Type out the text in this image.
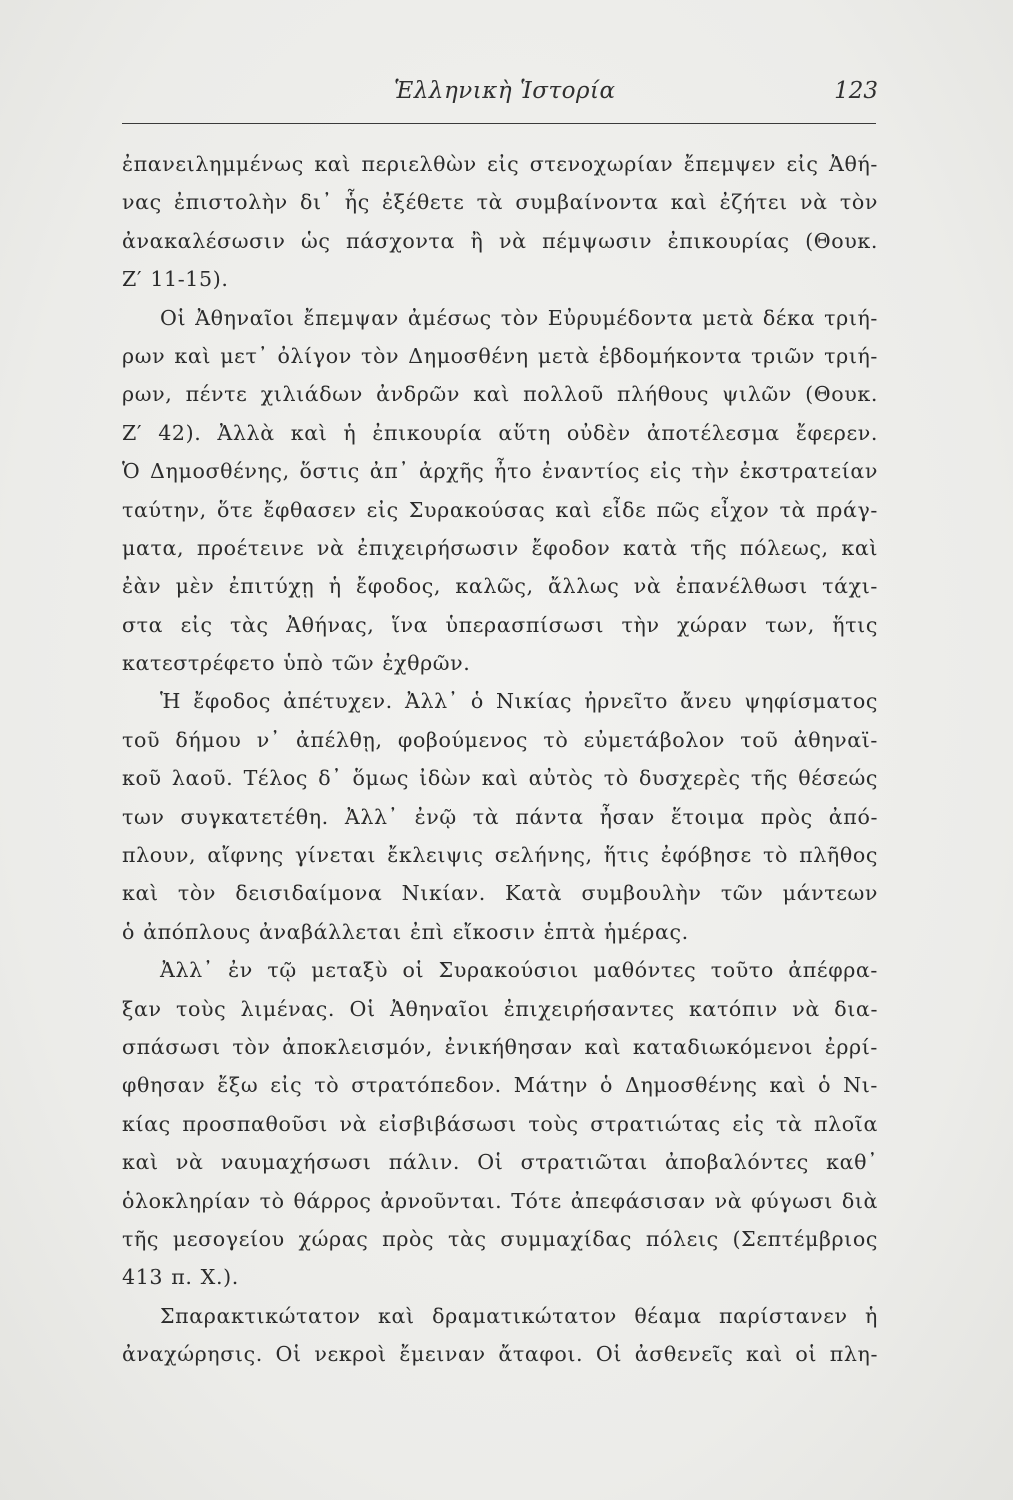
Ἑλληνικὴ Ἱστορία	123
ἐπανειλημμένως καὶ περιελθὼν εἰς στενοχωρίαν ἔπεμψεν εἰς Ἀθή-
νας ἐπιστολὴν δι᾽ ἧς ἐξέθετε τὰ συμβαίνοντα καὶ ἐζήτει νὰ τὸν
ἀνακαλέσωσιν ὡς πάσχοντα ἢ νὰ πέμψωσιν ἐπικουρίας (Θουκ.
Ζ′ 11-15).
Οἱ Ἀθηναῖοι ἔπεμψαν ἀμέσως τὸν Εὐρυμέδοντα μετὰ δέκα τριή-
ρων καὶ μετ᾽ ὀλίγον τὸν Δημοσθένη μετὰ ἑβδομήκοντα τριῶν τριή-
ρων, πέντε χιλιάδων ἀνδρῶν καὶ πολλοῦ πλήθους ψιλῶν (Θουκ.
Ζ′ 42). Ἀλλὰ καὶ ἡ ἐπικουρία αὕτη οὐδὲν ἀποτέλεσμα ἔφερεν.
Ὁ Δημοσθένης, ὅστις ἀπ᾽ ἀρχῆς ἦτο ἐναντίος εἰς τὴν ἐκστρατείαν
ταύτην, ὅτε ἔφθασεν εἰς Συρακούσας καὶ εἶδε πῶς εἶχον τὰ πράγ-
ματα, προέτεινε νὰ ἐπιχειρήσωσιν ἔφοδον κατὰ τῆς πόλεως, καὶ
ἐὰν μὲν ἐπιτύχῃ ἡ ἔφοδος, καλῶς, ἄλλως νὰ ἐπανέλθωσι τάχι-
στα εἰς τὰς Ἀθήνας, ἵνα ὑπερασπίσωσι τὴν χώραν των, ἥτις
κατεστρέφετο ὑπὸ τῶν ἐχθρῶν.
Ἡ ἔφοδος ἀπέτυχεν. Ἀλλ᾽ ὁ Νικίας ἠρνεῖτο ἄνευ ψηφίσματος
τοῦ δήμου ν᾽ ἀπέλθῃ, φοβούμενος τὸ εὐμετάβολον τοῦ ἀθηναϊ-
κοῦ λαοῦ. Τέλος δ᾽ ὅμως ἰδὼν καὶ αὐτὸς τὸ δυσχερὲς τῆς θέσεώς
των συγκατετέθη. Ἀλλ᾽ ἐνῷ τὰ πάντα ἦσαν ἕτοιμα πρὸς ἀπό-
πλουν, αἴφνης γίνεται ἔκλειψις σελήνης, ἥτις ἐφόβησε τὸ πλῆθος
καὶ τὸν δεισιδαίμονα Νικίαν. Κατὰ συμβουλὴν τῶν μάντεων
ὁ ἀπόπλους ἀναβάλλεται ἐπὶ εἴκοσιν ἑπτὰ ἡμέρας.
Ἀλλ᾽ ἐν τῷ μεταξὺ οἱ Συρακούσιοι μαθόντες τοῦτο ἀπέφρα-
ξαν τοὺς λιμένας. Οἱ Ἀθηναῖοι ἐπιχειρήσαντες κατόπιν νὰ δια-
σπάσωσι τὸν ἀποκλεισμόν, ἐνικήθησαν καὶ καταδιωκόμενοι ἐρρί-
φθησαν ἔξω εἰς τὸ στρατόπεδον. Μάτην ὁ Δημοσθένης καὶ ὁ Νι-
κίας προσπαθοῦσι νὰ εἰσβιβάσωσι τοὺς στρατιώτας εἰς τὰ πλοῖα
καὶ νὰ ναυμαχήσωσι πάλιν. Οἱ στρατιῶται ἀποβαλόντες καθ᾽
ὁλοκληρίαν τὸ θάρρος ἀρνοῦνται. Τότε ἀπεφάσισαν νὰ φύγωσι διὰ
τῆς μεσογείου χώρας πρὸς τὰς συμμαχίδας πόλεις (Σεπτέμβριος
413 π. Χ.).
Σπαρακτικώτατον καὶ δραματικώτατον θέαμα παρίστανεν ἡ
ἀναχώρησις. Οἱ νεκροὶ ἔμειναν ἄταφοι. Οἱ ἀσθενεῖς καὶ οἱ πλη-
